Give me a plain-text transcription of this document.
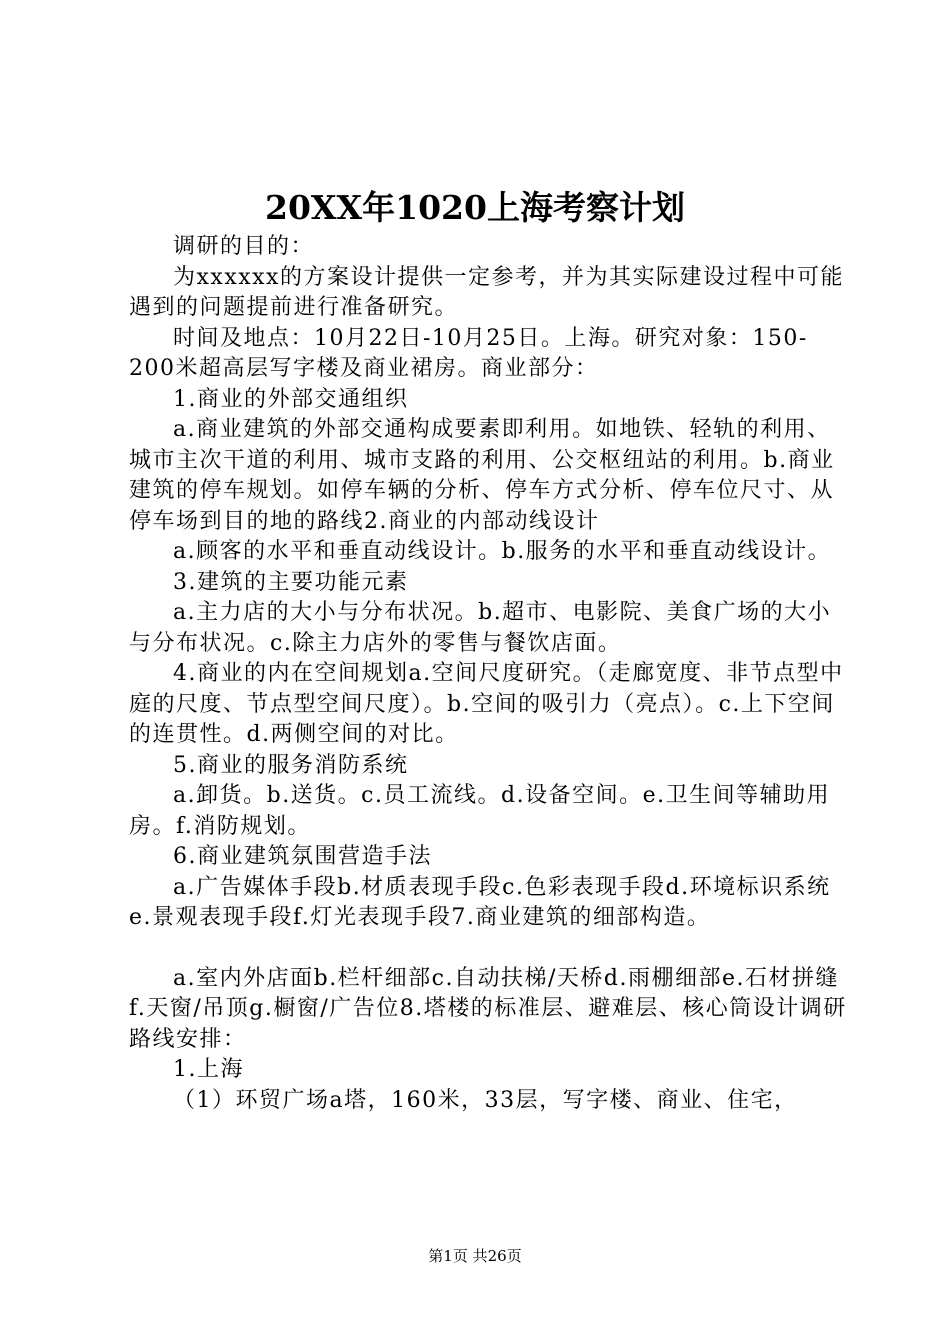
20XX年1020上海考察计划

调研的目的：

为xxxxxx的方案设计提供一定参考，并为其实际建设过程中可能遇到的问题提前进行准备研究。

时间及地点：10月22日-10月25日。上海。研究对象：150-200米超高层写字楼及商业裙房。商业部分：

1.商业的外部交通组织

a.商业建筑的外部交通构成要素即利用。如地铁、轻轨的利用、城市主次干道的利用、城市支路的利用、公交枢纽站的利用。b.商业建筑的停车规划。如停车辆的分析、停车方式分析、停车位尺寸、从停车场到目的地的路线2.商业的内部动线设计

a.顾客的水平和垂直动线设计。b.服务的水平和垂直动线设计。

3.建筑的主要功能元素

a.主力店的大小与分布状况。b.超市、电影院、美食广场的大小与分布状况。c.除主力店外的零售与餐饮店面。

4.商业的内在空间规划a.空间尺度研究。（走廊宽度、非节点型中庭的尺度、节点型空间尺度）。b.空间的吸引力（亮点）。c.上下空间的连贯性。d.两侧空间的对比。

5.商业的服务消防系统

a.卸货。b.送货。c.员工流线。d.设备空间。e.卫生间等辅助用房。f.消防规划。

6.商业建筑氛围营造手法

a.广告媒体手段b.材质表现手段c.色彩表现手段d.环境标识系统e.景观表现手段f.灯光表现手段7.商业建筑的细部构造。

a.室内外店面b.栏杆细部c.自动扶梯/天桥d.雨棚细部e.石材拼缝f.天窗/吊顶g.橱窗/广告位8.塔楼的标准层、避难层、核心筒设计调研路线安排：

1.上海

（1）环贸广场a塔，160米，33层，写字楼、商业、住宅，

第1页 共26页
